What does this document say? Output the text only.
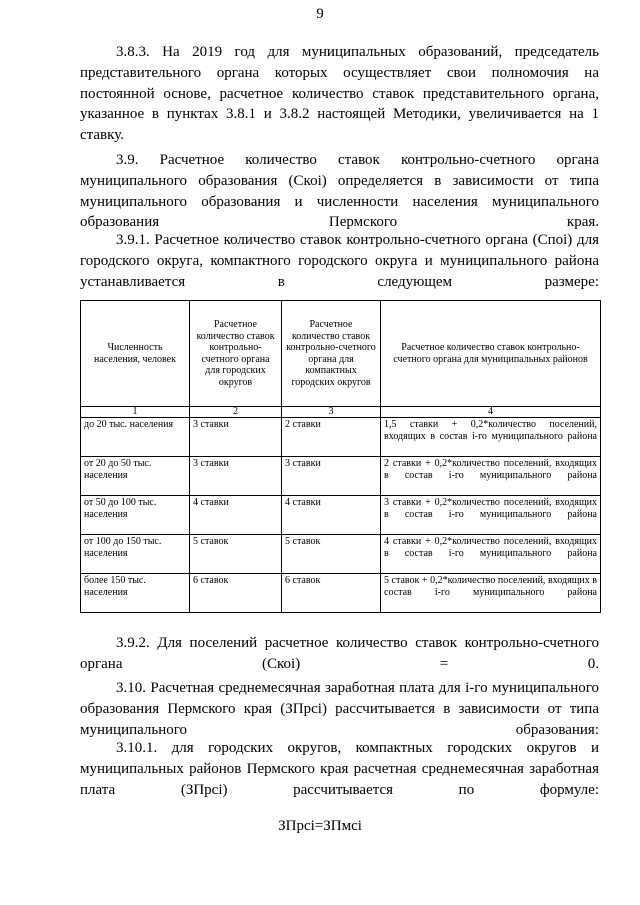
9
3.8.3. На 2019 год для муниципальных образований, председатель представительного органа которых осуществляет свои полномочия на постоянной основе, расчетное количество ставок представительного органа, указанное в пунктах 3.8.1 и 3.8.2 настоящей Методики, увеличивается на 1 ставку.
3.9. Расчетное количество ставок контрольно-счетного органа муниципального образования (Скоi) определяется в зависимости от типа муниципального образования и численности населения муниципального образования Пермского края.
3.9.1. Расчетное количество ставок контрольно-счетного органа (Споi) для городского округа, компактного городского округа и муниципального района устанавливается в следующем размере:
Численность населения, человек	Расчетное количество ставок контрольно-счетного органа для городских округов	Расчетное количество ставок контрольно-счетного органа для компактных городских округов	Расчетное количество ставок контрольно-счетного органа для муниципальных районов
1	2	3	4
до 20 тыс. населения	3 ставки	2 ставки	1,5 ставки + 0,2*количество поселений, входящих в состав i-го муниципального района

от 20 до 50 тыс. населения	3 ставки	3 ставки	2 ставки + 0,2*количество поселений, входящих в состав i-го муниципального района

от 50 до 100 тыс. населения	4 ставки	4 ставки	3 ставки + 0,2*количество поселений, входящих в состав i-го муниципального района

от 100 до 150 тыс. населения	5 ставок	5 ставок	4 ставки + 0,2*количество поселений, входящих в состав i-го муниципального района

более 150 тыс. населения	6 ставок	6 ставок	5 ставок + 0,2*количество поселений, входящих в состав i-го муниципального района
3.9.2. Для поселений расчетное количество ставок контрольно-счетного органа (Скоi) = 0.
3.10. Расчетная среднемесячная заработная плата для i-го муниципального образования Пермского края (ЗПрсi) рассчитывается в зависимости от типа муниципального образования:
3.10.1. для городских округов, компактных городских округов и муниципальных районов Пермского края расчетная среднемесячная заработная плата (ЗПрсi) рассчитывается по формуле:
ЗПрсi=ЗПмсi
